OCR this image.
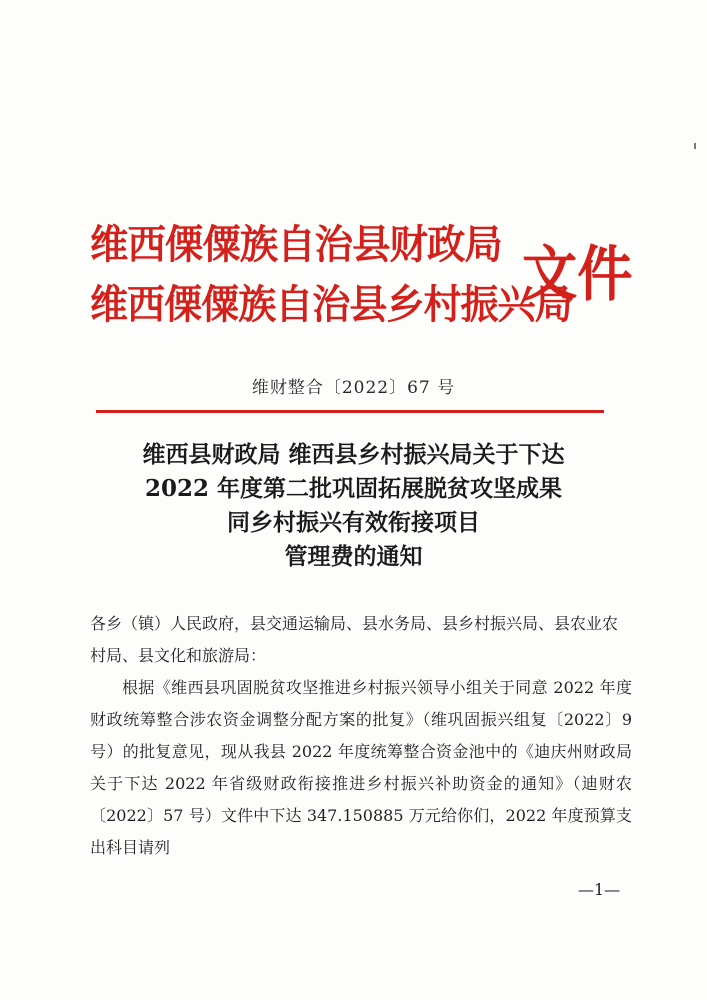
维西傈僳族自治县财政局
维西傈僳族自治县乡村振兴局
文件
维财整合〔2022〕67 号
维西县财政局 维西县乡村振兴局关于下达
2022 年度第二批巩固拓展脱贫攻坚成果
同乡村振兴有效衔接项目
管理费的通知

各乡（镇）人民政府，县交通运输局、县水务局、县乡村振兴局、县农业农村局、县文化和旅游局：

根据《维西县巩固脱贫攻坚推进乡村振兴领导小组关于同意 2022 年度财政统筹整合涉农资金调整分配方案的批复》（维巩固振兴组复〔2022〕9 号）的批复意见，现从我县 2022 年度统筹整合资金池中的《迪庆州财政局关于下达 2022 年省级财政衔接推进乡村振兴补助资金的通知》（迪财农〔2022〕57 号）文件中下达 347.150885 万元给你们，2022 年度预算支出科目请列

—1—
